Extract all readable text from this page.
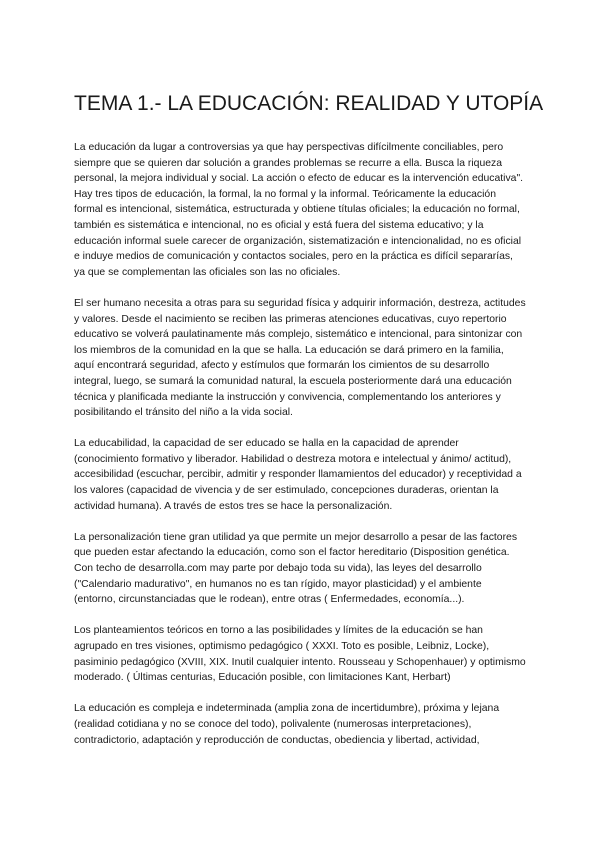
TEMA 1.- LA EDUCACIÓN: REALIDAD Y UTOPÍA

La educación da lugar a controversias ya que hay perspectivas difícilmente conciliables, pero siempre que se quieren dar solución a grandes problemas se recurre a ella. Busca la riqueza personal, la mejora individual y social. La acción o efecto de educar es la intervención educativa". Hay tres tipos de educación, la formal, la no formal y la informal. Teóricamente la educación formal es intencional, sistemática, estructurada y obtiene títulas oficiales; la educación no formal, también es sistemática e intencional, no es oficial y está fuera del sistema educativo; y la educación informal suele carecer de organización, sistematización e intencionalidad, no es oficial e induye medios de comunicación y contactos sociales, pero en la práctica es difícil separarías, ya que se complementan las oficiales son las no oficiales.

El ser humano necesita a otras para su seguridad física y adquirir información, destreza, actitudes y valores. Desde el nacimiento se reciben las primeras atenciones educativas, cuyo repertorio educativo se volverá paulatinamente más complejo, sistemático e intencional, para sintonizar con los miembros de la comunidad en la que se halla. La educación se dará primero en la familia, aquí encontrará seguridad, afecto y estímulos que formarán los cimientos de su desarrollo integral, luego, se sumará la comunidad natural, la escuela posteriormente dará una educación técnica y planificada mediante la instrucción y convivencia, complementando los anteriores y posibilitando el tránsito del niño a la vida social.

La educabilidad, la capacidad de ser educado se halla en la capacidad de aprender (conocimiento formativo y liberador. Habilidad o destreza motora e intelectual y ánimo/ actitud), accesibilidad (escuchar, percibir, admitir y responder llamamientos del educador) y receptividad a los valores (capacidad de vivencia y de ser estimulado, concepciones duraderas, orientan la actividad humana). A través de estos tres se hace la personalización.

La personalización tiene gran utilidad ya que permite un mejor desarrollo a pesar de las factores que pueden estar afectando la educación, como son el factor hereditario (Disposition genética. Con techo de desarrolla.com may parte por debajo toda su vida), las leyes del desarrollo ("Calendario madurativo", en humanos no es tan rígido, mayor plasticidad) y el ambiente (entorno, circunstanciadas que le rodean), entre otras ( Enfermedades, economía...).

Los planteamientos teóricos en torno a las posibilidades y límites de la educación se han agrupado en tres visiones, optimismo pedagógico ( XXXI. Toto es posible, Leibniz, Locke), pasiminio pedagógico (XVIII, XIX. Inutil cualquier intento. Rousseau y Schopenhauer) y optimismo moderado. ( Últimas centurias, Educación posible, con limitaciones Kant, Herbart)

La educación es compleja e indeterminada (amplia zona de incertidumbre), próxima y lejana (realidad cotidiana y no se conoce del todo), polivalente (numerosas interpretaciones), contradictorio, adaptación y reproducción de conductas, obediencia y libertad, actividad,
